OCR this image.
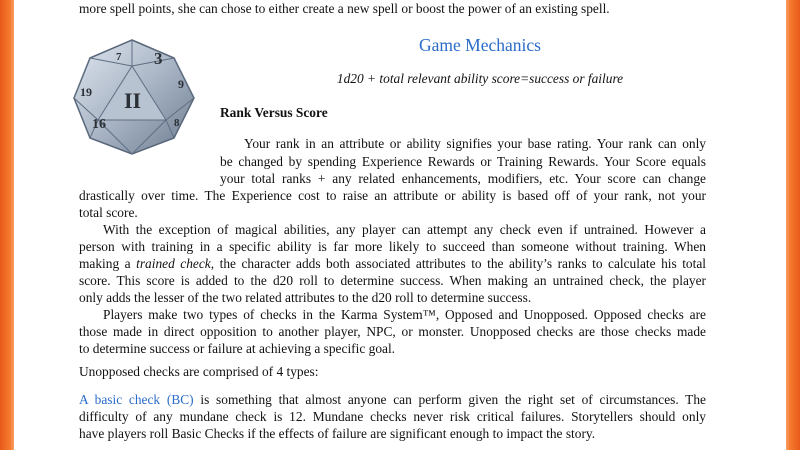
more spell points, she can chose to either create a new spell or boost the power of an existing spell.
3
II
16
19
9
8
7
Game Mechanics
1d20 + total relevant ability score=success or failure
Rank Versus Score
Your rank in an attribute or ability signifies your base rating. Your rank can only
be changed by spending Experience Rewards or Training Rewards. Your Score equals
your total ranks + any related enhancements, modifiers, etc. Your score can change
drastically over time. The Experience cost to raise an attribute or ability is based off of your rank, not your
total score.
With the exception of magical abilities, any player can attempt any check even if untrained. However a
person with training in a specific ability is far more likely to succeed than someone without training. When
making a trained check, the character adds both associated attributes to the ability’s ranks to calculate his total
score. This score is added to the d20 roll to determine success. When making an untrained check, the player
only adds the lesser of the two related attributes to the d20 roll to determine success.
Players make two types of checks in the Karma System™, Opposed and Unopposed. Opposed checks are
those made in direct opposition to another player, NPC, or monster. Unopposed checks are those checks made
to determine success or failure at achieving a specific goal.
Unopposed checks are comprised of 4 types:
A basic check (BC) is something that almost anyone can perform given the right set of circumstances. The
difficulty of any mundane check is 12. Mundane checks never risk critical failures. Storytellers should only
have players roll Basic Checks if the effects of failure are significant enough to impact the story.
